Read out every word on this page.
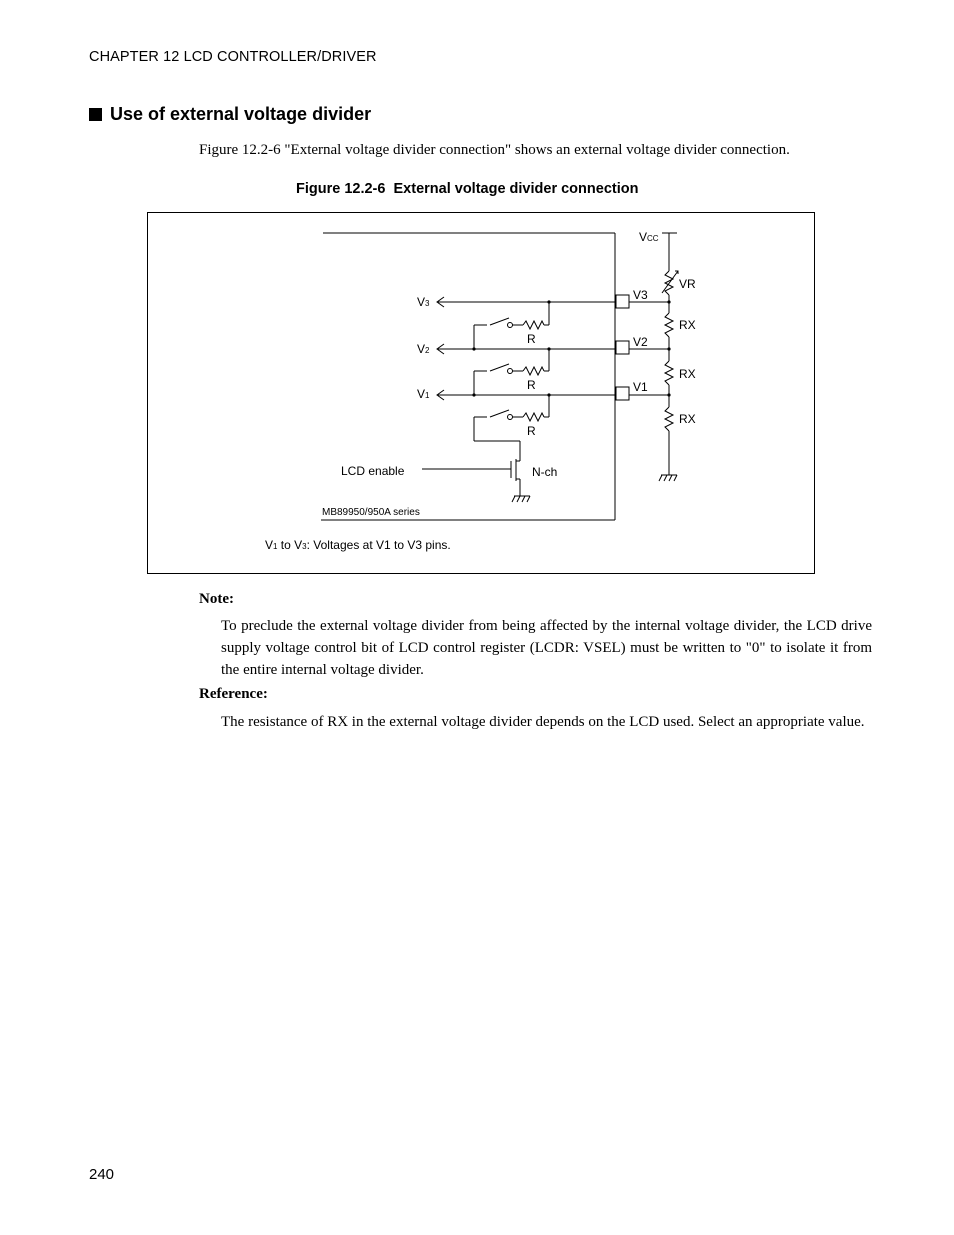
CHAPTER 12 LCD CONTROLLER/DRIVER
Use of external voltage divider
Figure 12.2-6 "External voltage divider connection" shows an external voltage divider connection.
Figure 12.2-6  External voltage divider connection
VCC
VR
RX
RX
RX
V3
V2
V1
V3
V2
V1
R
R
R
LCD enable	N-ch
MB89950/950A series
V1 to V3: Voltages at V1 to V3 pins.
Note:
To preclude the external voltage divider from being affected by the internal voltage divider, the LCD drive supply voltage control bit of LCD control register (LCDR: VSEL) must be written to "0" to isolate it from the entire internal voltage divider.
Reference:
The resistance of RX in the external voltage divider depends on the LCD used. Select an appropriate value.
240
